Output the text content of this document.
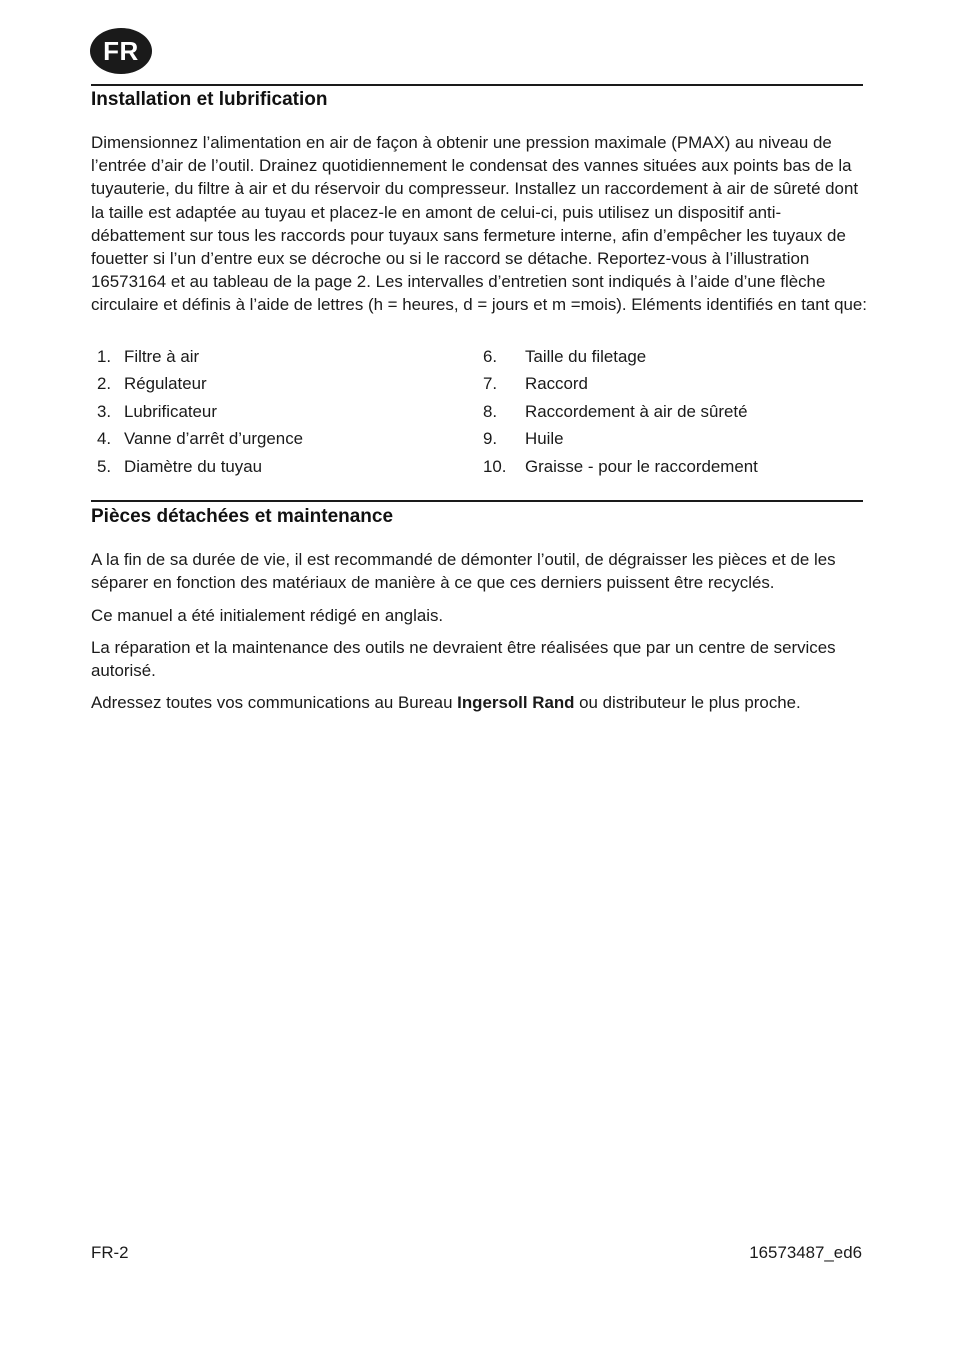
FR
Installation et lubrification

Dimensionnez l’alimentation en air de façon à obtenir une pression maximale (PMAX) au niveau de l’entrée d’air de l’outil. Drainez quotidiennement le condensat des vannes situées aux points bas de la tuyauterie, du filtre à air et du réservoir du compresseur. Installez un raccordement à air de sûreté dont la taille est adaptée au tuyau et placez-le en amont de celui-ci, puis utilisez un dispositif anti-débattement sur tous les raccords pour tuyaux sans fermeture interne, afin d’empêcher les tuyaux de fouetter si l’un d’entre eux se décroche ou si le raccord se détache. Reportez-vous à l’illustration 16573164 et au tableau de la page 2. Les intervalles d’entretien sont indiqués à l’aide d’une flèche circulaire et définis à l’aide de lettres (h = heures, d = jours et m =mois). Eléments identifiés en tant que:

1. Filtre à air
2. Régulateur
3. Lubrificateur
4. Vanne d’arrêt d’urgence
5. Diamètre du tuyau
6.	Taille du filetage
7.	Raccord
8.	Raccordement à air de sûreté
9.	Huile
10.	Graisse - pour le raccordement
Pièces détachées et maintenance

A la fin de sa durée de vie, il est recommandé de démonter l’outil, de dégraisser les pièces et de les séparer en fonction des matériaux de manière à ce que ces derniers puissent être recyclés.

Ce manuel a été initialement rédigé en anglais.

La réparation et la maintenance des outils ne devraient être réalisées que par un centre de services autorisé.

Adressez toutes vos communications au Bureau Ingersoll Rand ou distributeur le plus proche.

FR-2	16573487_ed6
